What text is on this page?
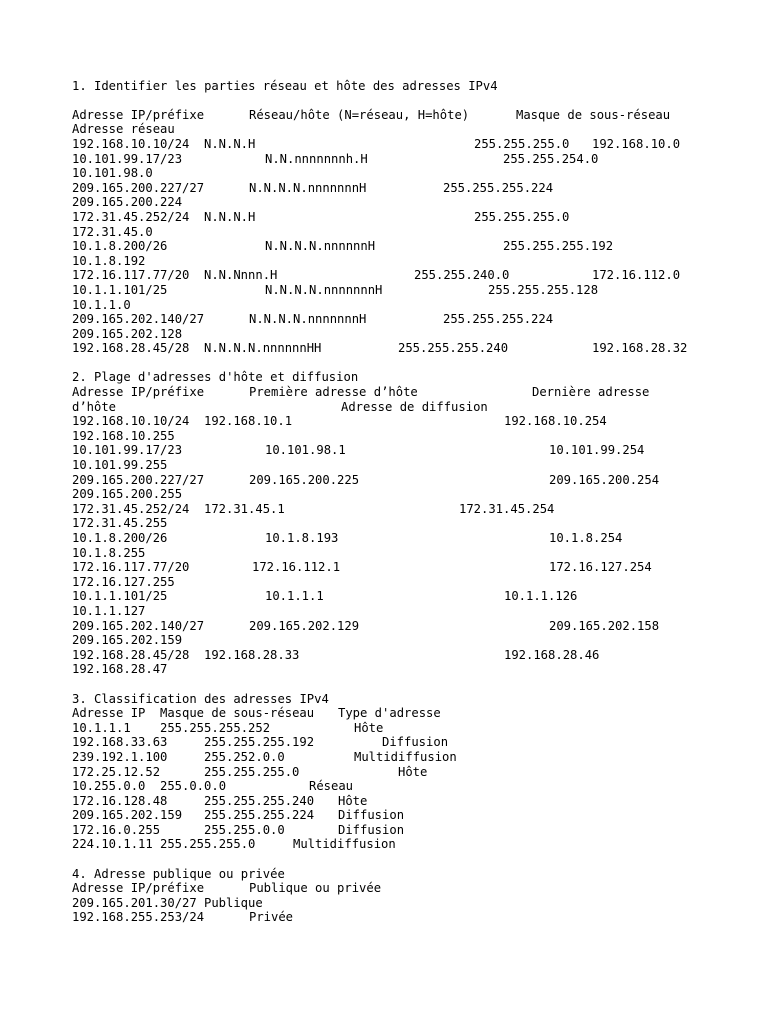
1. Identifier les parties réseau et hôte des adresses IPv4
Adresse IP/préfixe	Réseau/hôte (N=réseau, H=hôte)	Masque de sous-réseau
Adresse réseau
192.168.10.10/24 N.N.N.H	255.255.255.0 192.168.10.0
10.101.99.17/23	N.N.nnnnnnnh.H	255.255.254.0
10.101.98.0
209.165.200.227/27	N.N.N.N.nnnnnnnH	255.255.255.224
209.165.200.224
172.31.45.252/24 N.N.N.H	255.255.255.0
172.31.45.0
10.1.8.200/26	N.N.N.N.nnnnnnH	255.255.255.192
10.1.8.192
172.16.117.77/20 N.N.Nnnn.H	255.255.240.0	172.16.112.0
10.1.1.101/25	N.N.N.N.nnnnnnnH	255.255.255.128
10.1.1.0
209.165.202.140/27	N.N.N.N.nnnnnnnH	255.255.255.224
209.165.202.128
192.168.28.45/28 N.N.N.N.nnnnnnHH	255.255.255.240	192.168.28.32
2. Plage d'adresses d'hôte et diffusion
Adresse IP/préfixe	Première adresse d’hôte	Dernière adresse
d’hôte	Adresse de diffusion
192.168.10.10/24 192.168.10.1	192.168.10.254
192.168.10.255
10.101.99.17/23	10.101.98.1	10.101.99.254
10.101.99.255
209.165.200.227/27	209.165.200.225	209.165.200.254
209.165.200.255
172.31.45.252/24 172.31.45.1	172.31.45.254
172.31.45.255
10.1.8.200/26	10.1.8.193	10.1.8.254
10.1.8.255
172.16.117.77/20	172.16.112.1	172.16.127.254
172.16.127.255
10.1.1.101/25	10.1.1.1	10.1.1.126
10.1.1.127
209.165.202.140/27	209.165.202.129	209.165.202.158
209.165.202.159
192.168.28.45/28 192.168.28.33	192.168.28.46
192.168.28.47
3. Classification des adresses IPv4
Adresse IP Masque de sous-réseau Type d'adresse
10.1.1.1 255.255.255.252	Hôte
192.168.33.63	255.255.255.192	Diffusion
239.192.1.100	255.252.0.0	Multidiffusion
172.25.12.52	255.255.255.0	Hôte
10.255.0.0 255.0.0.0	Réseau
172.16.128.48	255.255.255.240 Hôte
209.165.202.159 255.255.255.224 Diffusion
172.16.0.255	255.255.0.0	Diffusion
224.10.1.11 255.255.255.0	Multidiffusion
4. Adresse publique ou privée
Adresse IP/préfixe	Publique ou privée
209.165.201.30/27 Publique
192.168.255.253/24	Privée
